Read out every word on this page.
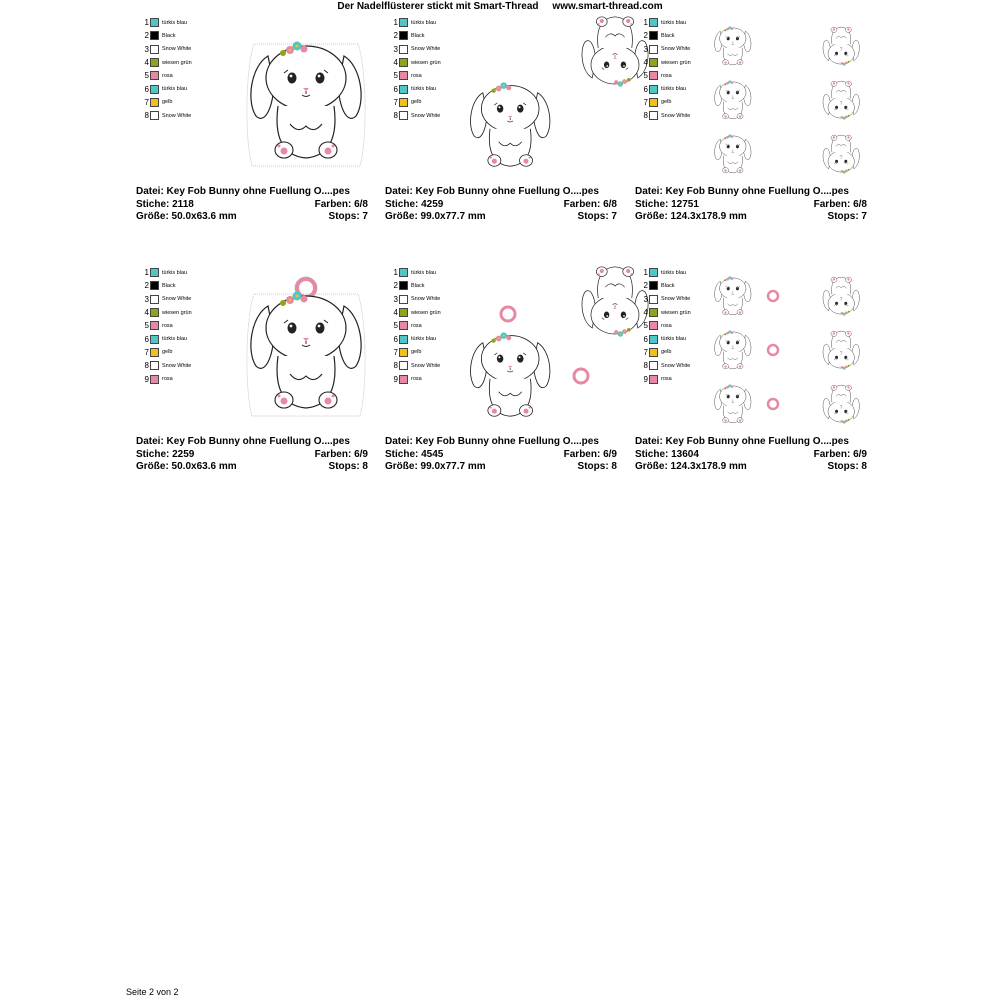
Der Nadelflüsterer stickt mit Smart-Thread     www.smart-thread.com
1 türkis blau
2 Black
3 Snow White
4 wiesen grün
5 rosa
6 türkis blau
7 gelb
8 Snow White
Datei: Key Fob Bunny ohne Fuellung O....pes
Stiche: 2118	Farben: 6/8
Größe: 50.0x63.6 mm	Stops: 7
1 türkis blau
2 Black
3 Snow White
4 wiesen grün
5 rosa
6 türkis blau
7 gelb
8 Snow White
Datei: Key Fob Bunny ohne Fuellung O....pes
Stiche: 4259	Farben: 6/8
Größe: 99.0x77.7 mm	Stops: 7
1 türkis blau
2 Black
3 Snow White
4 wiesen grün
5 rosa
6 türkis blau
7 gelb
8 Snow White
Datei: Key Fob Bunny ohne Fuellung O....pes
Stiche: 12751	Farben: 6/8
Größe: 124.3x178.9 mm	Stops: 7
1 türkis blau
2 Black
3 Snow White
4 wiesen grün
5 rosa
6 türkis blau
7 gelb
8 Snow White
9 rosa
Datei: Key Fob Bunny ohne Fuellung O....pes
Stiche: 2259	Farben: 6/9
Größe: 50.0x63.6 mm	Stops: 8
1 türkis blau
2 Black
3 Snow White
4 wiesen grün
5 rosa
6 türkis blau
7 gelb
8 Snow White
9 rosa
Datei: Key Fob Bunny ohne Fuellung O....pes
Stiche: 4545	Farben: 6/9
Größe: 99.0x77.7 mm	Stops: 8
1 türkis blau
2 Black
3 Snow White
4 wiesen grün
5 rosa
6 türkis blau
7 gelb
8 Snow White
9 rosa
Datei: Key Fob Bunny ohne Fuellung O....pes
Stiche: 13604	Farben: 6/9
Größe: 124.3x178.9 mm	Stops: 8
Seite 2 von 2
